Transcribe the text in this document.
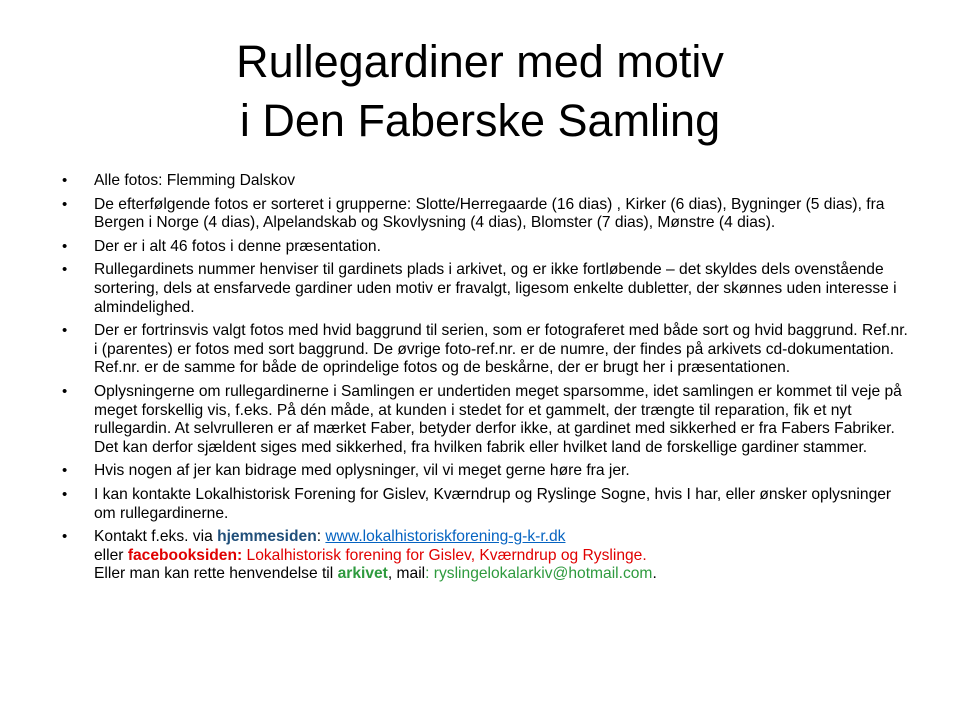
Rullegardiner med motiv
i Den Faberske Samling
• Alle fotos: Flemming Dalskov
• De efterfølgende fotos er sorteret i grupperne: Slotte/Herregaarde (16 dias) , Kirker (6 dias), Bygninger (5 dias), fra Bergen i Norge (4 dias), Alpelandskab og Skovlysning (4 dias), Blomster (7 dias), Mønstre (4 dias).
• Der er i alt 46 fotos i denne præsentation.
• Rullegardinets nummer henviser til gardinets plads i arkivet, og er ikke fortløbende – det skyldes dels ovenstående sortering, dels at ensfarvede gardiner uden motiv er fravalgt, ligesom enkelte dubletter, der skønnes uden interesse i almindelighed.
• Der er fortrinsvis valgt fotos med hvid baggrund til serien, som er fotograferet med både sort og hvid baggrund. Ref.nr. i (parentes) er fotos med sort baggrund. De øvrige foto-ref.nr. er de numre, der findes på arkivets cd-dokumentation. Ref.nr. er de samme for både de oprindelige fotos og de beskårne, der er brugt her i præsentationen.
• Oplysningerne om rullegardinerne i Samlingen er undertiden meget sparsomme, idet samlingen er kommet til veje på meget forskellig vis, f.eks. På dén måde, at kunden i stedet for et gammelt, der trængte til reparation, fik et nyt rullegardin. At selvrulleren er af mærket Faber, betyder derfor ikke, at gardinet med sikkerhed er fra Fabers Fabriker. Det kan derfor sjældent siges med sikkerhed, fra hvilken fabrik eller hvilket land de forskellige gardiner stammer.
• Hvis nogen af jer kan bidrage med oplysninger, vil vi meget gerne høre fra jer.
• I kan kontakte Lokalhistorisk Forening for Gislev, Kværndrup og Ryslinge Sogne, hvis I har, eller ønsker oplysninger om rullegardinerne.
• Kontakt f.eks. via hjemmesiden: www.lokalhistoriskforening-g-k-r.dk
eller facebooksiden: Lokalhistorisk forening for Gislev, Kværndrup og Ryslinge.
Eller man kan rette henvendelse til arkivet, mail: ryslingelokalarkiv@hotmail.com.
